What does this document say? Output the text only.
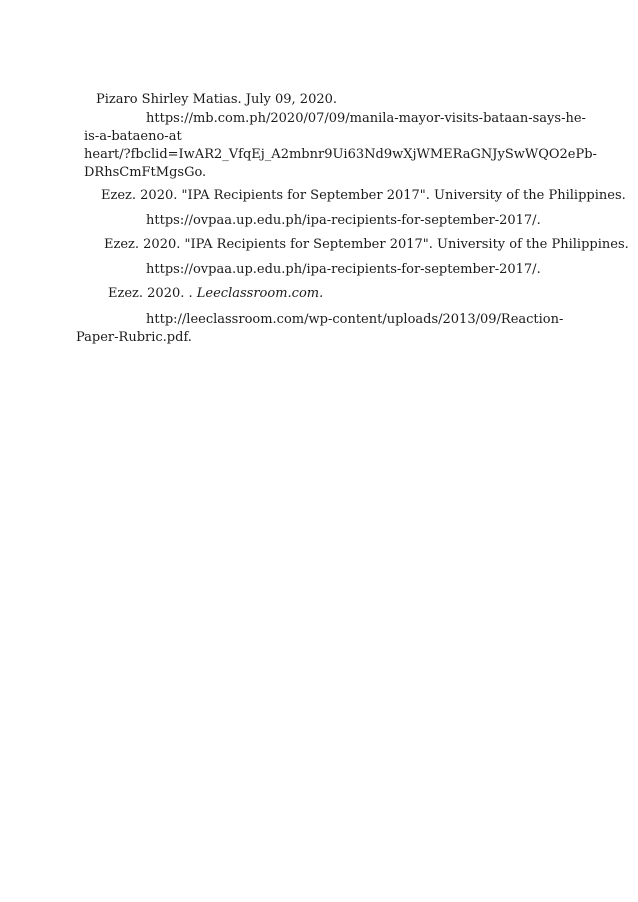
Pizaro Shirley Matias. July 09, 2020.
https://mb.com.ph/2020/07/09/manila-mayor-visits-bataan-says-he-
is-a-bataeno-at
heart/?fbclid=IwAR2_VfqEj_A2mbnr9Ui63Nd9wXjWMERaGNJySwWQO2ePb-
DRhsCmFtMgsGo.
Ezez. 2020. "IPA Recipients for September 2017". University of the Philippines.
https://ovpaa.up.edu.ph/ipa-recipients-for-september-2017/.
Ezez. 2020. "IPA Recipients for September 2017". University of the Philippines.
https://ovpaa.up.edu.ph/ipa-recipients-for-september-2017/.
Ezez. 2020. . Leeclassroom.com.
http://leeclassroom.com/wp-content/uploads/2013/09/Reaction-
Paper-Rubric.pdf.
